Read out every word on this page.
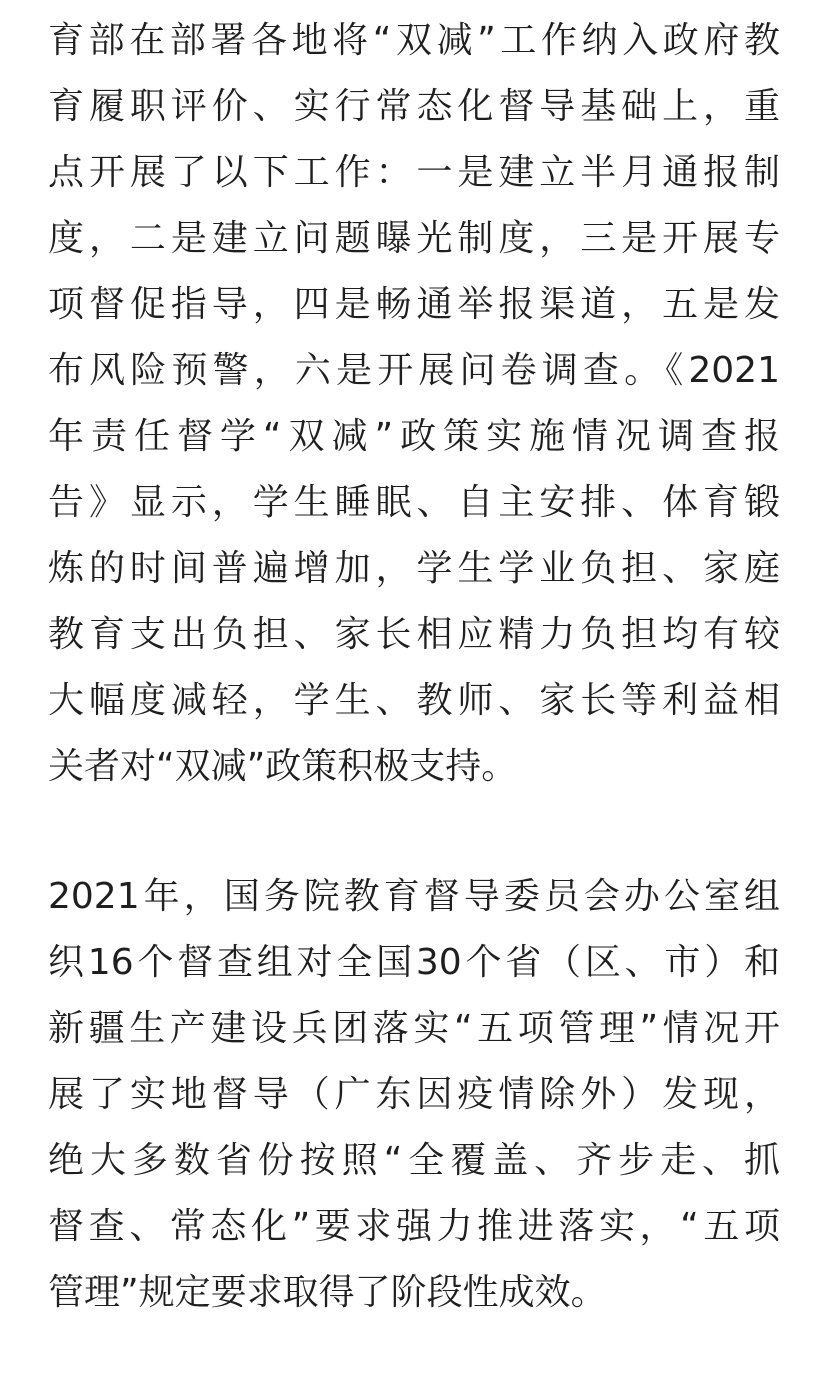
育部在部署各地将“双减”工作纳入政府教
育履职评价、实行常态化督导基础上，重
点开展了以下工作：一是建立半月通报制
度，二是建立问题曝光制度，三是开展专
项督促指导，四是畅通举报渠道，五是发
布风险预警，六是开展问卷调查。《2021
年责任督学“双减”政策实施情况调查报
告》显示，学生睡眠、自主安排、体育锻
炼的时间普遍增加，学生学业负担、家庭
教育支出负担、家长相应精力负担均有较
大幅度减轻，学生、教师、家长等利益相
关者对“双减”政策积极支持。
2021年，国务院教育督导委员会办公室组
织16个督查组对全国30个省（区、市）和
新疆生产建设兵团落实“五项管理”情况开
展了实地督导（广东因疫情除外）发现，
绝大多数省份按照“全覆盖、齐步走、抓
督查、常态化”要求强力推进落实，“五项
管理”规定要求取得了阶段性成效。
